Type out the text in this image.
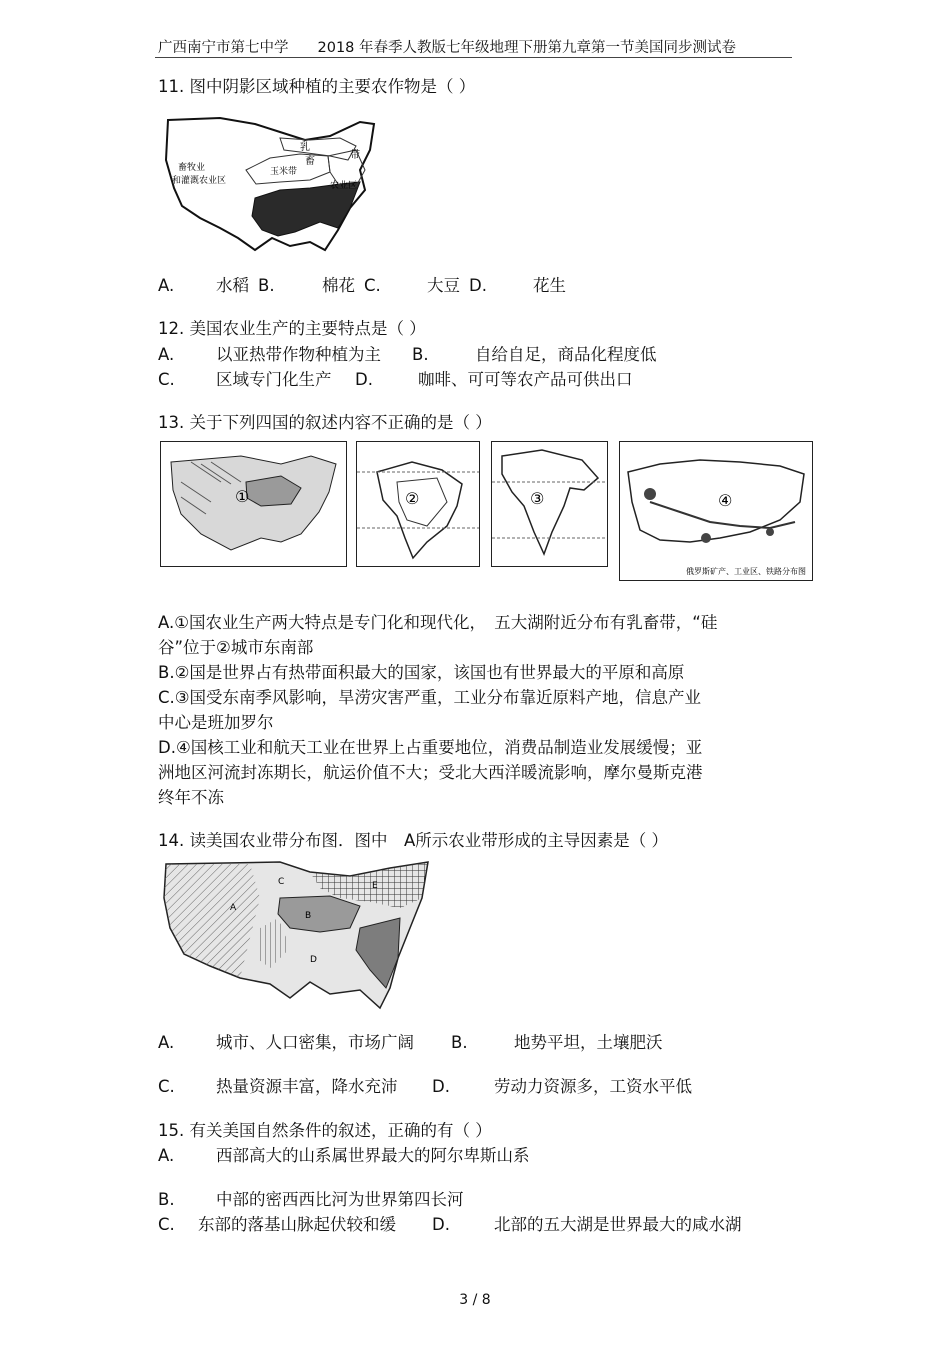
广西南宁市第七中学　　2018 年春季人教版七年级地理下册第九章第一节美国同步测试卷
11. 图中阴影区域种植的主要农作物是（ ）
畜牧业
和灌溉农业区
乳
畜
带
玉米带
农业区
A.	水稻 B.	棉花 C.	大豆 D.	花生
12. 美国农业生产的主要特点是（ ）
A.	以亚热带作物种植为主 B.	自给自足，商品化程度低
C. 区域专门化生产 D.	咖啡、可可等农产品可供出口
13. 关于下列四国的叙述内容不正确的是（ ）
①	②	③	④
俄罗斯矿产、工业区、铁路分布图
A.①国农业生产两大特点是专门化和现代化，　五大湖附近分布有乳畜带，“硅
谷”位于②城市东南部
B.②国是世界占有热带面积最大的国家，该国也有世界最大的平原和高原
C.③国受东南季风影响，旱涝灾害严重，工业分布靠近原料产地，信息产业
中心是班加罗尔
D.④国核工业和航天工业在世界上占重要地位，消费品制造业发展缓慢；亚
洲地区河流封冻期长，航运价值不大；受北大西洋暖流影响，摩尔曼斯克港
终年不冻
14. 读美国农业带分布图．图中　A所示农业带形成的主导因素是（ ）
A
B
C
D
E
A.	城市、人口密集，市场广阔 B.	地势平坦，土壤肥沃
C. 热量资源丰富，降水充沛 D.	劳动力资源多，工资水平低
15. 有关美国自然条件的叙述，正确的有（ ）
A.	西部高大的山系属世界最大的阿尔卑斯山系
B.	中部的密西西比河为世界第四长河
C. 东部的落基山脉起伏较和缓 D.	北部的五大湖是世界最大的咸水湖
3 / 8
